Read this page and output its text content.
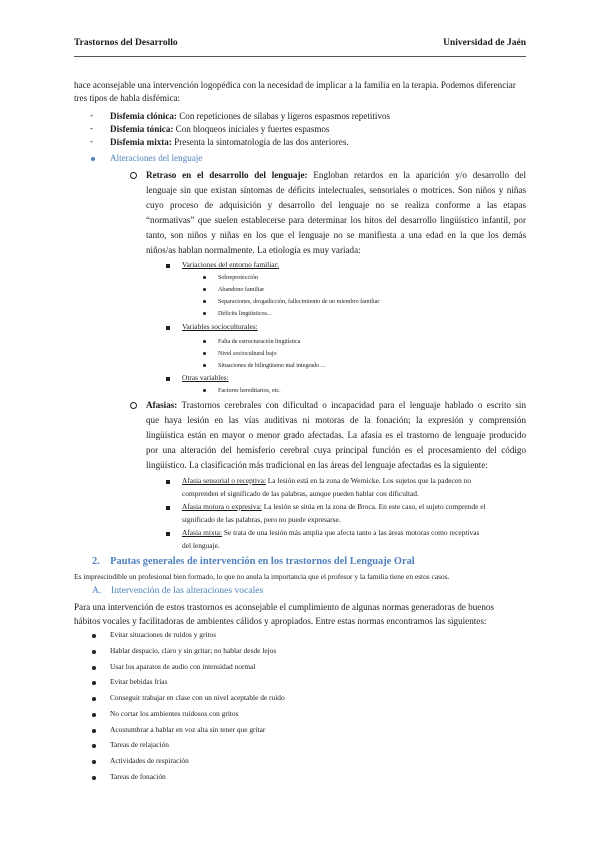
Trastornos del Desarrollo	Universidad de Jaén
hace aconsejable una intervención logopédica con la necesidad de implicar a la familia en la terapia. Podemos diferenciar
tres tipos de habla disfémica:
- Disfemia clónica: Con repeticiones de sílabas y ligeros espasmos repetitivos
- Disfemia tónica: Con bloqueos iniciales y fuertes espasmos
- Disfemia mixta: Presenta la sintomatología de las dos anteriores.
Alteraciones del lenguaje
Retraso en el desarrollo del lenguaje: Engloban retardos en la aparición y/o desarrollo del
lenguaje sin que existan síntomas de déficits intelectuales, sensoriales o motrices. Son niños y niñas
cuyo proceso de adquisición y desarrollo del lenguaje no se realiza conforme a las etapas
“normativas” que suelen establecerse para determinar los hitos del desarrollo lingüístico infantil, por
tanto, son niños y niñas en los que el lenguaje no se manifiesta a una edad en la que los demás
niños/as hablan normalmente. La etiología es muy variada:
Variaciones del entorno familiar:
Sobreprotección
Abandono familiar
Separaciones, drogadicción, fallecimiento de un miembro familiar
Déficits lingüísticos...
Variables socioculturales:
Falta de estructuración lingüística
Nivel sociocultural bajo
Situaciones de bilingüismo mal integrado ...
Otras variables:
Factores hereditarios, etc.
Afasias: Trastornos cerebrales con dificultad o incapacidad para el lenguaje hablado o escrito sin
que haya lesión en las vías auditivas ni motoras de la fonación; la expresión y comprensión
lingüística están en mayor o menor grado afectadas. La afasia es el trastorno de lenguaje producido
por una alteración del hemisferio cerebral cuya principal función es el procesamiento del código
lingüístico. La clasificación más tradicional en las áreas del lenguaje afectadas es la siguiente:
Afasia sensorial o receptiva: La lesión está en la zona de Wernicke. Los sujetos que la padecen no
comprenden el significado de las palabras, aunque pueden hablar con dificultad.
Afasia motora o expresiva: La lesión se sitúa en la zona de Broca. En este caso, el sujeto comprende el
significado de las palabras, pero no puede expresarse.
Afasia mixta: Se trata de una lesión más amplia que afecta tanto a las áreas motoras como receptivas
del lenguaje.
2.    Pautas generales de intervención en los trastornos del Lenguaje Oral
Es imprescindible un profesional bien formado, lo que no anula la importancia que el profesor y la familia tiene en estos casos.
A.    Intervención de las alteraciones vocales
Para una intervención de estos trastornos es aconsejable el cumplimiento de algunas normas generadoras de buenos
hábitos vocales y facilitadoras de ambientes cálidos y apropiados. Entre estas normas encontramos las siguientes:
Evitar situaciones de ruidos y gritos
Hablar despacio, claro y sin gritar; no hablar desde lejos
Usar los aparatos de audio con intensidad normal
Evitar bebidas frías
Conseguir trabajar en clase con un nivel aceptable de ruido
No cortar los ambientes ruidosos con gritos
Acostumbrar a hablar en voz alta sin tener que gritar
Tareas de relajación
Actividades de respiración
Tareas de fonación
